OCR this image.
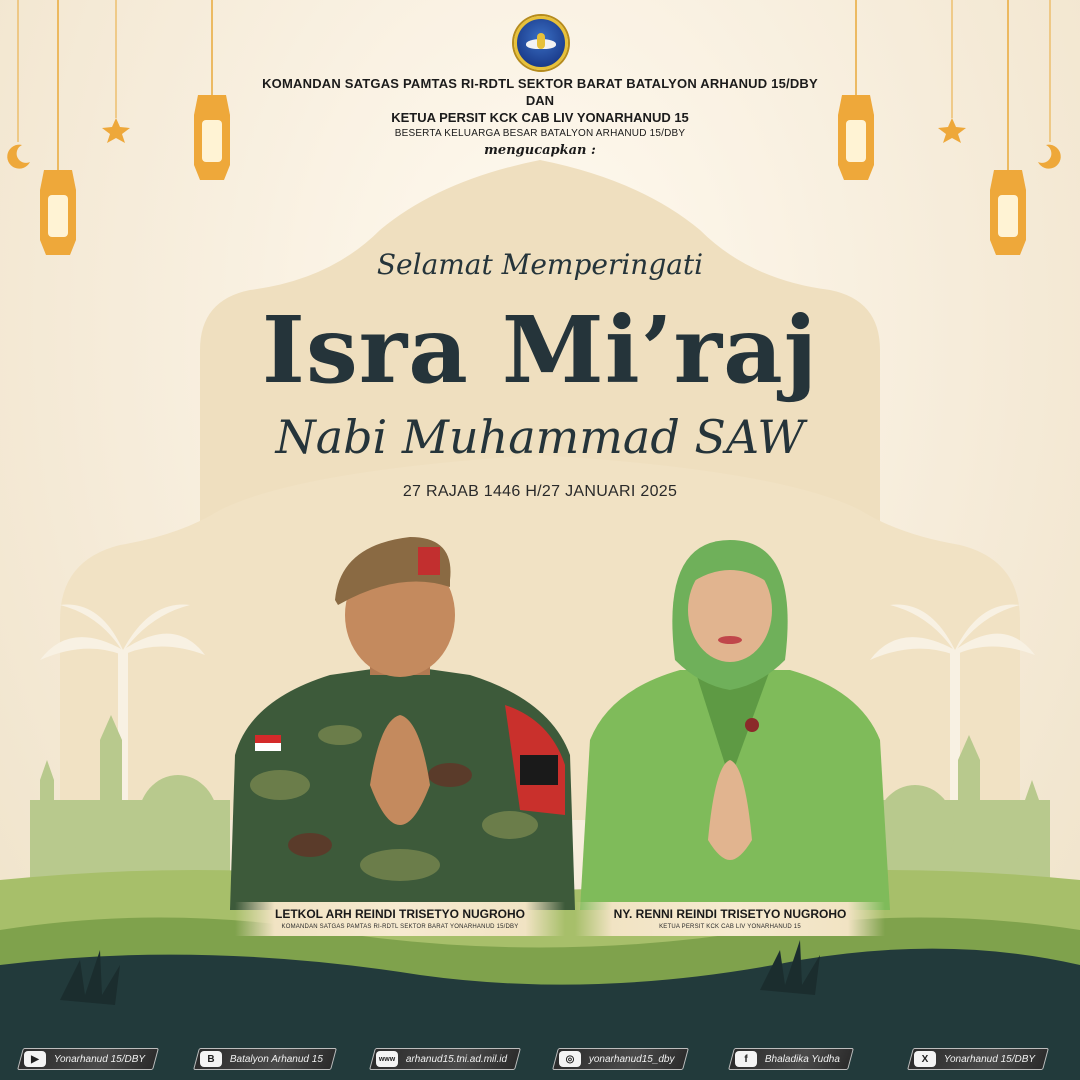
KOMANDAN SATGAS PAMTAS RI-RDTL SEKTOR BARAT BATALYON ARHANUD 15/DBY
DAN
KETUA PERSIT KCK CAB LIV YONARHANUD 15
BESERTA KELUARGA BESAR BATALYON ARHANUD 15/DBY
mengucapkan :
Selamat Memperingati
Isra Mi’raj
Nabi Muhammad SAW
27 RAJAB 1446 H/27 JANUARI 2025
LETKOL ARH REINDI TRISETYO NUGROHO
KOMANDAN SATGAS PAMTAS RI-RDTL SEKTOR BARAT YONARHANUD 15/DBY
NY. RENNI REINDI TRISETYO NUGROHO
KETUA PERSIT KCK CAB LIV YONARHANUD 15
▶	Yonarhanud 15/DBY	B	Batalyon Arhanud 15	www arhanud15.tni.ad.mil.id	◎	yonarhanud15_dby	f	Bhaladika Yudha	X	Yonarhanud 15/DBY
